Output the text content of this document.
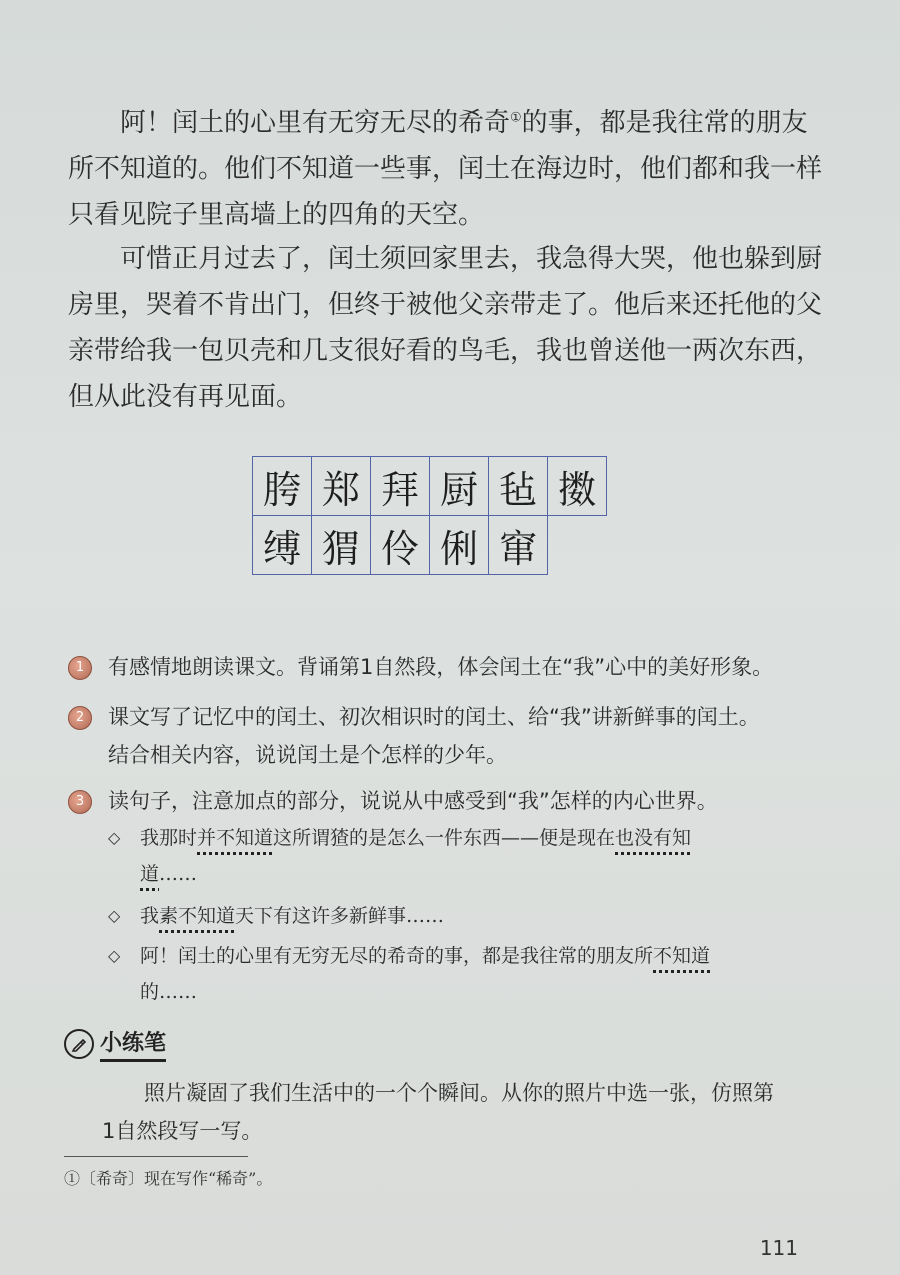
阿！闰土的心里有无穷无尽的希奇①的事，都是我往常的朋友
所不知道的。他们不知道一些事，闰土在海边时，他们都和我一样
只看见院子里高墙上的四角的天空。
可惜正月过去了，闰土须回家里去，我急得大哭，他也躲到厨
房里，哭着不肯出门，但终于被他父亲带走了。他后来还托他的父
亲带给我一包贝壳和几支很好看的鸟毛，我也曾送他一两次东西，
但从此没有再见面。
胯 郑 拜 厨 毡 擞
缚 猬 伶 俐 窜
1	有感情地朗读课文。背诵第1自然段，体会闰土在“我”心中的美好形象。
2	课文写了记忆中的闰土、初次相识时的闰土、给“我”讲新鲜事的闰土。
结合相关内容，说说闰土是个怎样的少年。
3	读句子，注意加点的部分，说说从中感受到“我”怎样的内心世界。
◇ 我那时并不知道这所谓猹的是怎么一件东西——便是现在也没有知
道……
◇ 我素不知道天下有这许多新鲜事……
◇ 阿！闰土的心里有无穷无尽的希奇的事，都是我往常的朋友所不知道
的……
小练笔
照片凝固了我们生活中的一个个瞬间。从你的照片中选一张，仿照第
1自然段写一写。
①〔希奇〕现在写作“稀奇”。
111
